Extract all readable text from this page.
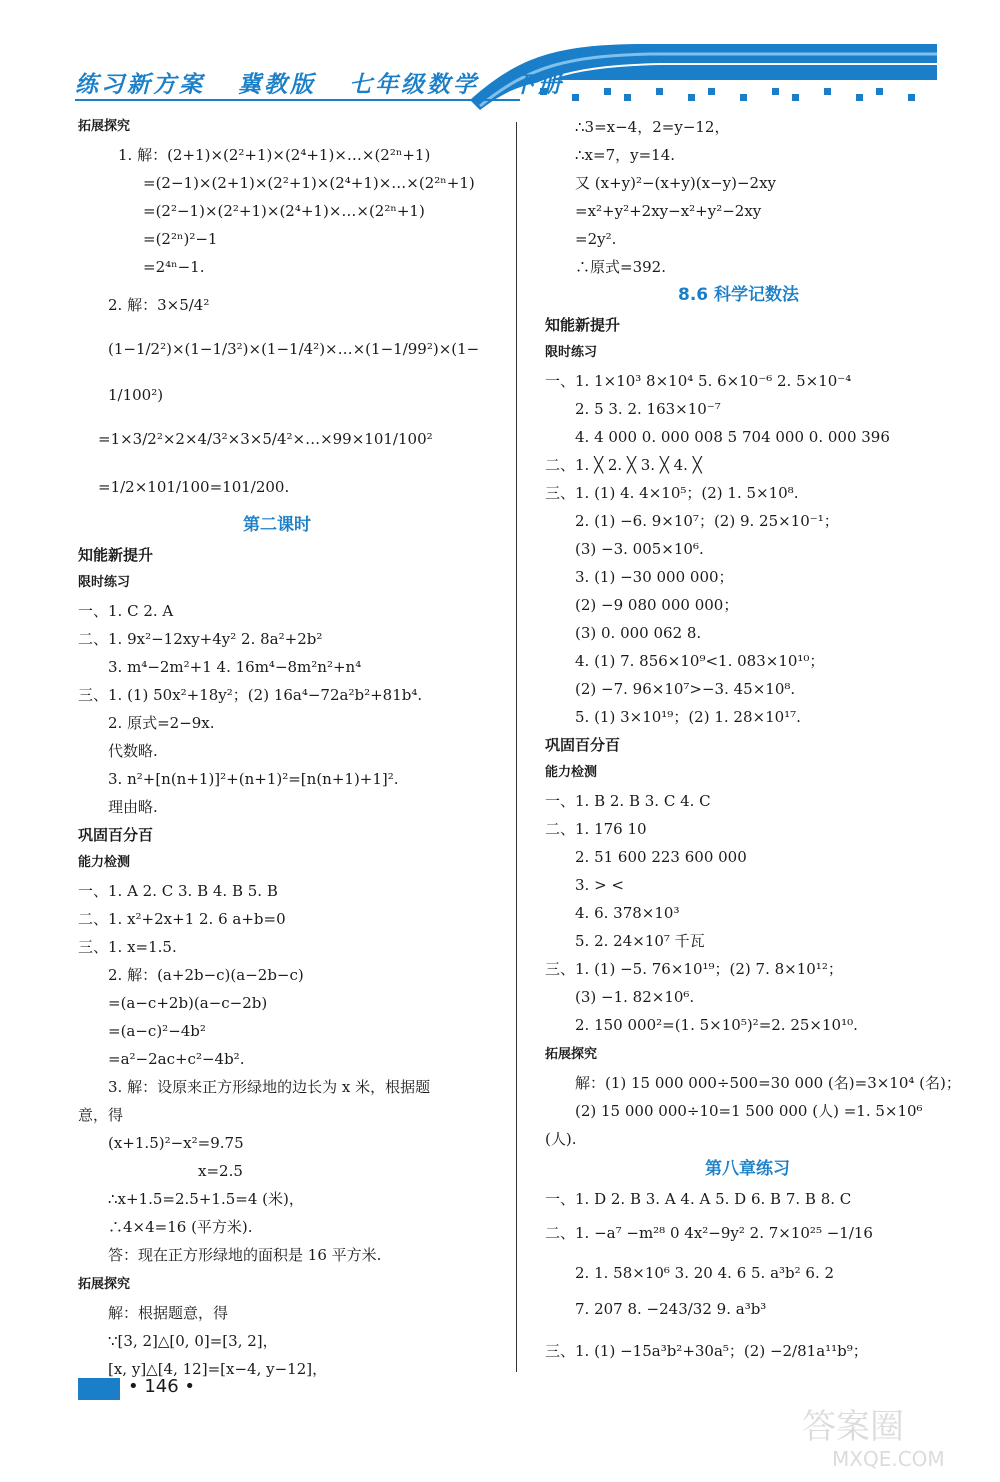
练习新方案 冀教版 七年级数学 下册
拓展探究
1. 解：(2+1)×(2²+1)×(2⁴+1)×…×(2²ⁿ+1)
=(2−1)×(2+1)×(2²+1)×(2⁴+1)×…×(2²ⁿ+1)
=(2²−1)×(2²+1)×(2⁴+1)×…×(2²ⁿ+1)
=(2²ⁿ)²−1
=2⁴ⁿ−1.
2. 解：3×5/4²
(1−1/2²)×(1−1/3²)×(1−1/4²)×…×(1−1/99²)×(1−
1/100²)
=1×3/2²×2×4/3²×3×5/4²×…×99×101/100²
=1/2×101/100=101/200.
第二课时
知能新提升
限时练习
一、1. C 2. A
二、1. 9x²−12xy+4y² 2. 8a²+2b²
3. m⁴−2m²+1 4. 16m⁴−8m²n²+n⁴
三、1. (1) 50x²+18y²；(2) 16a⁴−72a²b²+81b⁴.
2. 原式=2−9x.
代数略.
3. n²+[n(n+1)]²+(n+1)²=[n(n+1)+1]².
理由略.
巩固百分百
能力检测
一、1. A 2. C 3. B 4. B 5. B
二、1. x²+2x+1 2. 6 a+b=0
三、1. x=1.5.
2. 解：(a+2b−c)(a−2b−c)
=(a−c+2b)(a−c−2b)
=(a−c)²−4b²
=a²−2ac+c²−4b².
3. 解：设原来正方形绿地的边长为 x 米，根据题
意，得
(x+1.5)²−x²=9.75
x=2.5
∴x+1.5=2.5+1.5=4 (米)，
∴4×4=16 (平方米).
答：现在正方形绿地的面积是 16 平方米.
拓展探究
解：根据题意，得
∵[3, 2]△[0, 0]=[3, 2]，
[x, y]△[4, 12]=[x−4, y−12]，
∴3=x−4，2=y−12，
∴x=7，y=14.
又 (x+y)²−(x+y)(x−y)−2xy
=x²+y²+2xy−x²+y²−2xy
=2y².
∴原式=392.
8.6 科学记数法
知能新提升
限时练习
一、1. 1×10³ 8×10⁴ 5. 6×10⁻⁶ 2. 5×10⁻⁴
2. 5 3. 2. 163×10⁻⁷
4. 4 000 0. 000 008 5 704 000 0. 000 396
二、1. ╳ 2. ╳ 3. ╳ 4. ╳
三、1. (1) 4. 4×10⁵；(2) 1. 5×10⁸.
2. (1) −6. 9×10⁷；(2) 9. 25×10⁻¹；
(3) −3. 005×10⁶.
3. (1) −30 000 000；
(2) −9 080 000 000；
(3) 0. 000 062 8.
4. (1) 7. 856×10⁹<1. 083×10¹⁰；
(2) −7. 96×10⁷>−3. 45×10⁸.
5. (1) 3×10¹⁹；(2) 1. 28×10¹⁷.
巩固百分百
能力检测
一、1. B 2. B 3. C 4. C
二、1. 176 10
2. 51 600 223 600 000
3. > <
4. 6. 378×10³
5. 2. 24×10⁷ 千瓦
三、1. (1) −5. 76×10¹⁹；(2) 7. 8×10¹²；
(3) −1. 82×10⁶.
2. 150 000²=(1. 5×10⁵)²=2. 25×10¹⁰.
拓展探究
解：(1) 15 000 000÷500=30 000 (名)=3×10⁴ (名)；
(2) 15 000 000÷10=1 500 000 (人) =1. 5×10⁶
(人).
第八章练习
一、1. D 2. B 3. A 4. A 5. D 6. B 7. B 8. C
二、1. −a⁷ −m²⁸ 0 4x²−9y² 2. 7×10²⁵ −1/16
2. 1. 58×10⁶ 3. 20 4. 6 5. a³b² 6. 2
7. 207 8. −243/32 9. a³b³
三、1. (1) −15a³b²+30a⁵；(2) −2/81a¹¹b⁹；
• 146 •
答案圈
MXQE.COM
